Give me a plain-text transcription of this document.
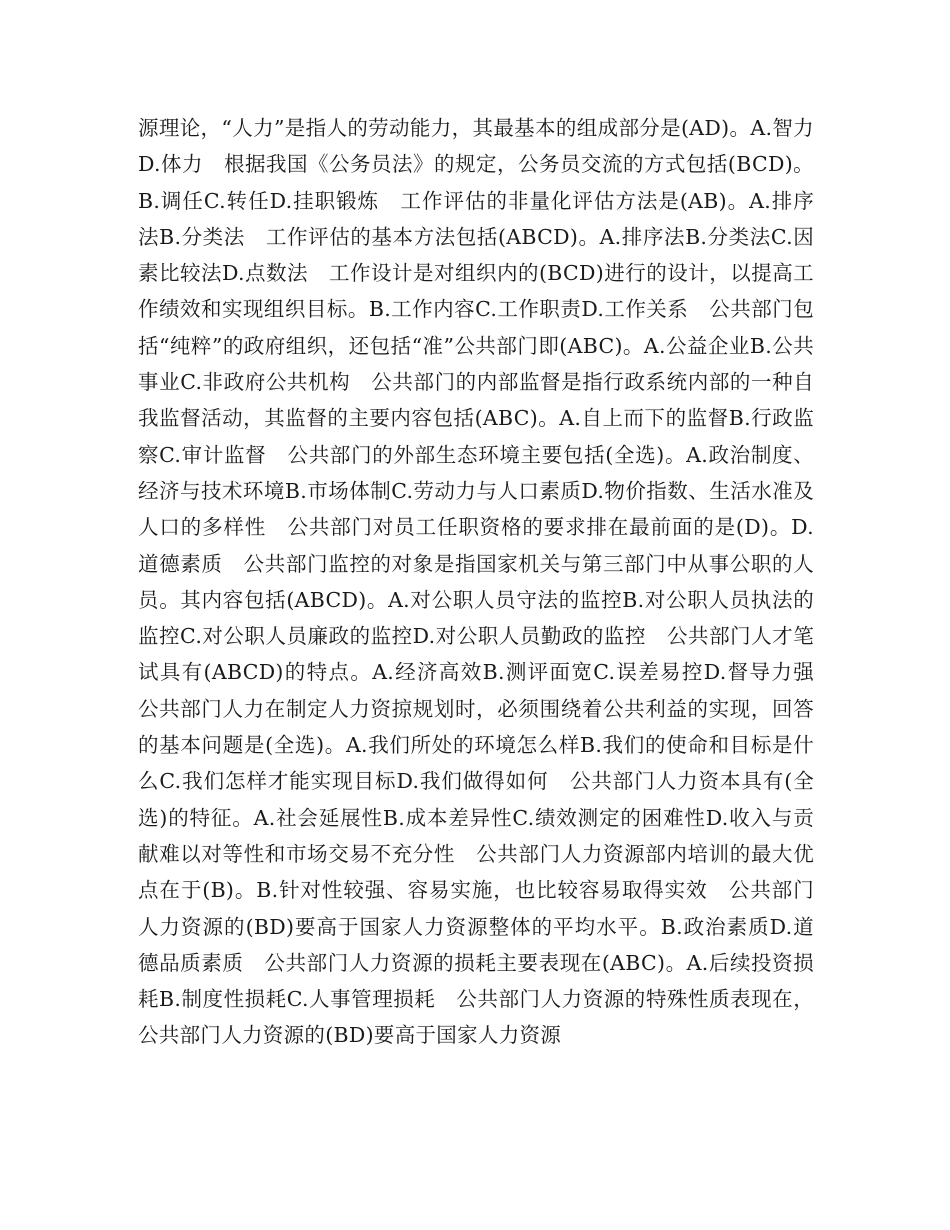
源理论，“人力”是指人的劳动能力，其最基本的组成部分是(AD)。A.智力D.体力　根据我国《公务员法》的规定，公务员交流的方式包括(BCD)。B.调任C.转任D.挂职锻炼　工作评估的非量化评估方法是(AB)。A.排序法B.分类法　工作评估的基本方法包括(ABCD)。A.排序法B.分类法C.因素比较法D.点数法　工作设计是对组织内的(BCD)进行的设计，以提高工作绩效和实现组织目标。B.工作内容C.工作职责D.工作关系　公共部门包括“纯粹”的政府组织，还包括“准”公共部门即(ABC)。A.公益企业B.公共事业C.非政府公共机构　公共部门的内部监督是指行政系统内部的一种自我监督活动，其监督的主要内容包括(ABC)。A.自上而下的监督B.行政监察C.审计监督　公共部门的外部生态环境主要包括(全选)。A.政治制度、经济与技术环境B.市场体制C.劳动力与人口素质D.物价指数、生活水准及人口的多样性　公共部门对员工任职资格的要求排在最前面的是(D)。D.道德素质　公共部门监控的对象是指国家机关与第三部门中从事公职的人员。其内容包括(ABCD)。A.对公职人员守法的监控B.对公职人员执法的监控C.对公职人员廉政的监控D.对公职人员勤政的监控　公共部门人才笔试具有(ABCD)的特点。A.经济高效B.测评面宽C.误差易控D.督导力强　公共部门人力在制定人力资掠规划时，必须围绕着公共利益的实现，回答的基本问题是(全选)。A.我们所处的环境怎么样B.我们的使命和目标是什么C.我们怎样才能实现目标D.我们做得如何　公共部门人力资本具有(全选)的特征。A.社会延展性B.成本差异性C.绩效测定的困难性D.收入与贡献难以对等性和市场交易不充分性　公共部门人力资源部内培训的最大优点在于(B)。B.针对性较强、容易实施，也比较容易取得实效　公共部门人力资源的(BD)要高于国家人力资源整体的平均水平。B.政治素质D.道德品质素质　公共部门人力资源的损耗主要表现在(ABC)。A.后续投资损耗B.制度性损耗C.人事管理损耗　公共部门人力资源的特殊性质表现在，公共部门人力资源的(BD)要高于国家人力资源
